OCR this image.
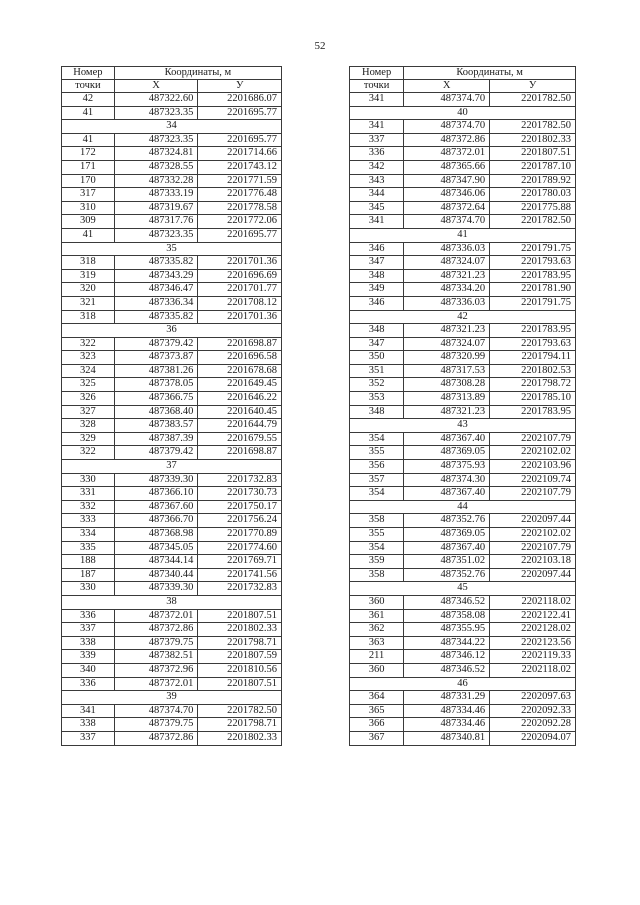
52
Номер	Координаты, м	
точки	X	У
42	487322.60	2201686.07
41	487323.35	2201695.77
34		
41	487323.35	2201695.77
172	487324.81	2201714.66
171	487328.55	2201743.12
170	487332.28	2201771.59
317	487333.19	2201776.48
310	487319.67	2201778.58
309	487317.76	2201772.06
41	487323.35	2201695.77
35		
318	487335.82	2201701.36
319	487343.29	2201696.69
320	487346.47	2201701.77
321	487336.34	2201708.12
318	487335.82	2201701.36
36		
322	487379.42	2201698.87
323	487373.87	2201696.58
324	487381.26	2201678.68
325	487378.05	2201649.45
326	487366.75	2201646.22
327	487368.40	2201640.45
328	487383.57	2201644.79
329	487387.39	2201679.55
322	487379.42	2201698.87
37		
330	487339.30	2201732.83
331	487366.10	2201730.73
332	487367.60	2201750.17
333	487366.70	2201756.24
334	487368.98	2201770.89
335	487345.05	2201774.60
188	487344.14	2201769.71
187	487340.44	2201741.56
330	487339.30	2201732.83
38		
336	487372.01	2201807.51
337	487372.86	2201802.33
338	487379.75	2201798.71
339	487382.51	2201807.59
340	487372.96	2201810.56
336	487372.01	2201807.51
39		
341	487374.70	2201782.50
338	487379.75	2201798.71
337	487372.86	2201802.33
Номер	Координаты, м	
точки	X	У
341	487374.70	2201782.50
40		
341	487374.70	2201782.50
337	487372.86	2201802.33
336	487372.01	2201807.51
342	487365.66	2201787.10
343	487347.90	2201789.92
344	487346.06	2201780.03
345	487372.64	2201775.88
341	487374.70	2201782.50
41		
346	487336.03	2201791.75
347	487324.07	2201793.63
348	487321.23	2201783.95
349	487334.20	2201781.90
346	487336.03	2201791.75
42		
348	487321.23	2201783.95
347	487324.07	2201793.63
350	487320.99	2201794.11
351	487317.53	2201802.53
352	487308.28	2201798.72
353	487313.89	2201785.10
348	487321.23	2201783.95
43		
354	487367.40	2202107.79
355	487369.05	2202102.02
356	487375.93	2202103.96
357	487374.30	2202109.74
354	487367.40	2202107.79
44		
358	487352.76	2202097.44
355	487369.05	2202102.02
354	487367.40	2202107.79
359	487351.02	2202103.18
358	487352.76	2202097.44
45		
360	487346.52	2202118.02
361	487358.08	2202122.41
362	487355.95	2202128.02
363	487344.22	2202123.56
211	487346.12	2202119.33
360	487346.52	2202118.02
46		
364	487331.29	2202097.63
365	487334.46	2202092.33
366	487334.46	2202092.28
367	487340.81	2202094.07
